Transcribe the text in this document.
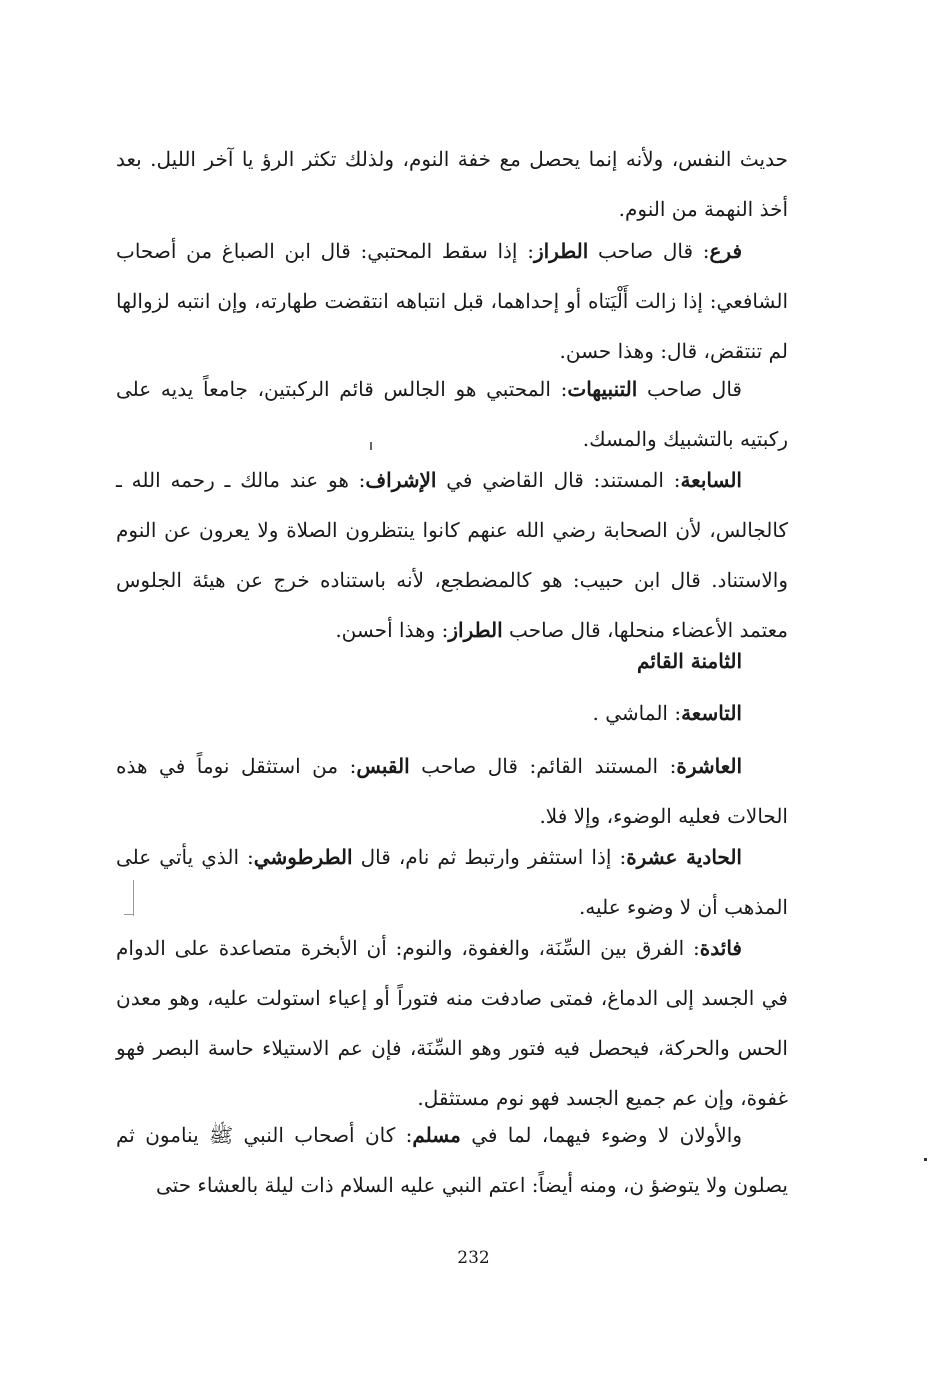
حديث النفس، ولأنه إنما يحصل مع خفة النوم، ولذلك تكثر الرؤ يا آخر الليل. بعد أخذ النهمة من النوم.

فرع: قال صاحب الطراز: إذا سقط المحتبي: قال ابن الصباغ من أصحاب الشافعي: إذا زالت أَلْيَتاه أو إحداهما، قبل انتباهه انتقضت طهارته، وإن انتبه لزوالها لم تنتقض، قال: وهذا حسن.

قال صاحب التنبيهات: المحتبي هو الجالس قائم الركبتين، جامعاً يديه على ركبتيه بالتشبيك والمسك.

السابعة: المستند: قال القاضي في الإشراف: هو عند مالك ـ رحمه الله ـ كالجالس، لأن الصحابة رضي الله عنهم كانوا ينتظرون الصلاة ولا يعرون عن النوم والاستناد. قال ابن حبيب: هو كالمضطجع، لأنه باستناده خرج عن هيئة الجلوس معتمد الأعضاء منحلها، قال صاحب الطراز: وهذا أحسن.

الثامنة القائم

التاسعة: الماشي .

العاشرة: المستند القائم: قال صاحب القبس: من استثقل نوماً في هذه الحالات فعليه الوضوء، وإلا فلا.

الحادية عشرة: إذا استثفر وارتبط ثم نام، قال الطرطوشي: الذي يأتي على المذهب أن لا وضوء عليه.

فائدة: الفرق بين السِّنَة، والغفوة، والنوم: أن الأبخرة متصاعدة على الدوام في الجسد إلى الدماغ، فمتى صادفت منه فتوراً أو إعياء استولت عليه، وهو معدن الحس والحركة، فيحصل فيه فتور وهو السِّنَة، فإن عم الاستيلاء حاسة البصر فهو غفوة، وإن عم جميع الجسد فهو نوم مستثقل.

والأولان لا وضوء فيهما، لما في مسلم: كان أصحاب النبي ﷺ ينامون ثم يصلون ولا يتوضؤ ن، ومنه أيضاً: اعتم النبي عليه السلام ذات ليلة بالعشاء حتى

232
